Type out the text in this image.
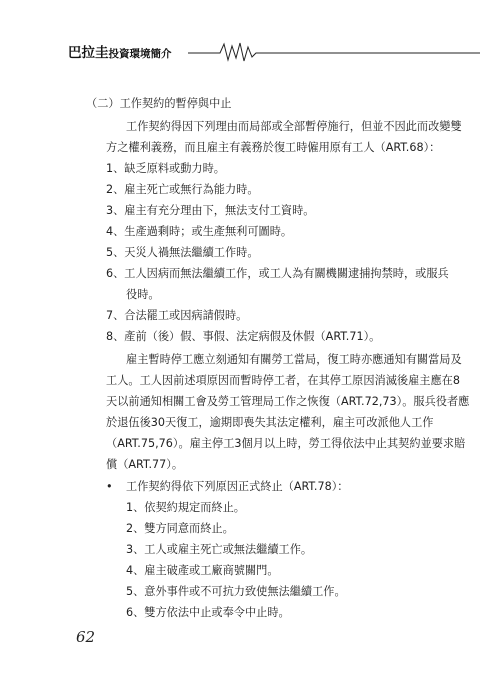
巴拉圭投資環境簡介
（二）工作契約的暫停與中止
工作契約得因下列理由而局部或全部暫停施行，但並不因此而改變雙
方之權利義務，而且雇主有義務於復工時僱用原有工人（ART.68）：
1、缺乏原料或動力時。
2、雇主死亡或無行為能力時。
3、雇主有充分理由下，無法支付工資時。
4、生產過剩時；或生產無利可圖時。
5、天災人禍無法繼續工作時。
6、工人因病而無法繼續工作，或工人為有關機關逮捕拘禁時，或服兵
役時。
7、合法罷工或因病請假時。
8、產前（後）假、事假、法定病假及休假（ART.71）。
雇主暫時停工應立刻通知有關勞工當局，復工時亦應通知有關當局及
工人。工人因前述項原因而暫時停工者，在其停工原因消滅後雇主應在8
天以前通知相關工會及勞工管理局工作之恢復（ART.72,73）。服兵役者應
於退伍後30天復工，逾期即喪失其法定權利，雇主可改派他人工作
（ART.75,76）。雇主停工3個月以上時，勞工得依法中止其契約並要求賠
償（ART.77）。
• 工作契約得依下列原因正式終止（ART.78）：
1、依契約規定而終止。
2、雙方同意而終止。
3、工人或雇主死亡或無法繼續工作。
4、雇主破產或工廠商號關門。
5、意外事件或不可抗力致使無法繼續工作。
6、雙方依法中止或奉令中止時。
62
